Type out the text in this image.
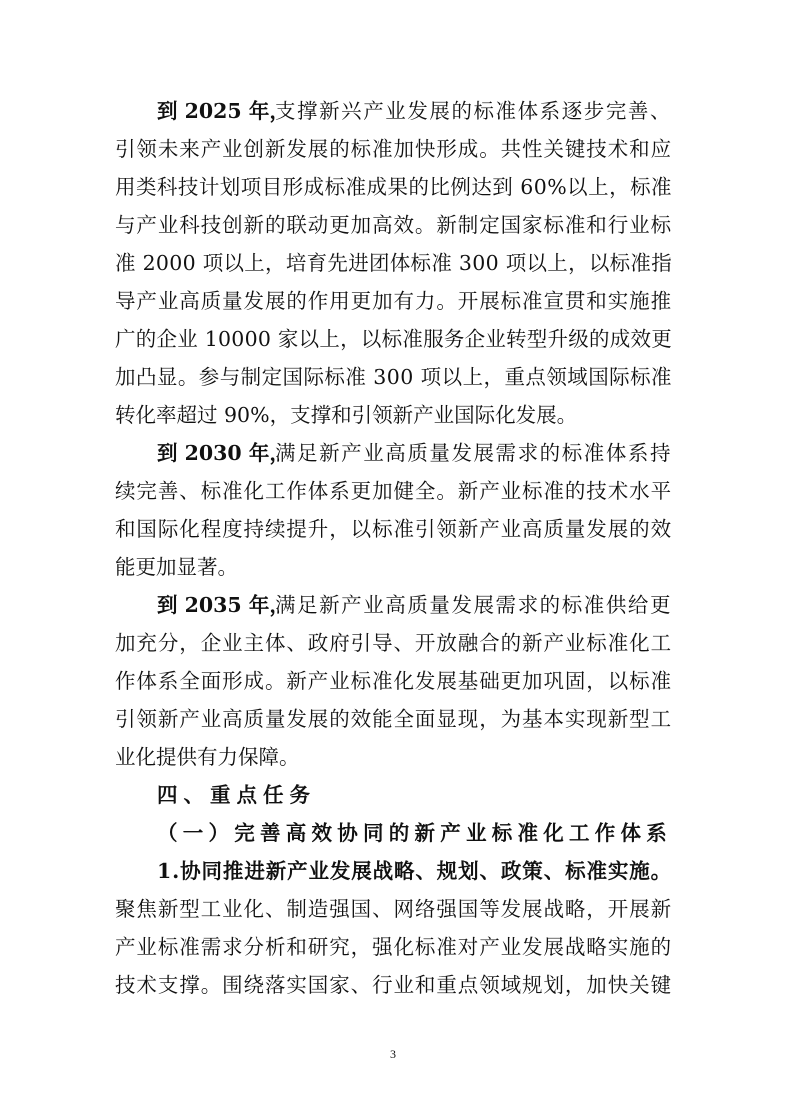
到 2025 年，
支撑新兴产业发展的标准体系逐步完善、
引领未来产业创新发展的标准加快形成。共性关键技术和应
用类科技计划项目形成标准成果的比例达到 60%以上，标准
与产业科技创新的联动更加高效。新制定国家标准和行业标
准 2000 项以上，培育先进团体标准 300 项以上，以标准指
导产业高质量发展的作用更加有力。开展标准宣贯和实施推
广的企业 10000 家以上，以标准服务企业转型升级的成效更
加凸显。参与制定国际标准 300 项以上，重点领域国际标准
转化率超过 90%，支撑和引领新产业国际化发展。
到 2030 年，
满足新产业高质量发展需求的标准体系持
续完善、标准化工作体系更加健全。新产业标准的技术水平
和国际化程度持续提升，以标准引领新产业高质量发展的效
能更加显著。
到 2035 年，
满足新产业高质量发展需求的标准供给更
加充分，企业主体、政府引导、开放融合的新产业标准化工
作体系全面形成。新产业标准化发展基础更加巩固，以标准
引领新产业高质量发展的效能全面显现，为基本实现新型工
业化提供有力保障。
四、重点任务
（一）完善高效协同的新产业标准化工作体系
1.协同推进新产业发展战略、规划、政策、标准实施。
聚焦新型工业化、制造强国、网络强国等发展战略，开展新
产业标准需求分析和研究，强化标准对产业发展战略实施的
技术支撑。围绕落实国家、行业和重点领域规划，加快关键
3
